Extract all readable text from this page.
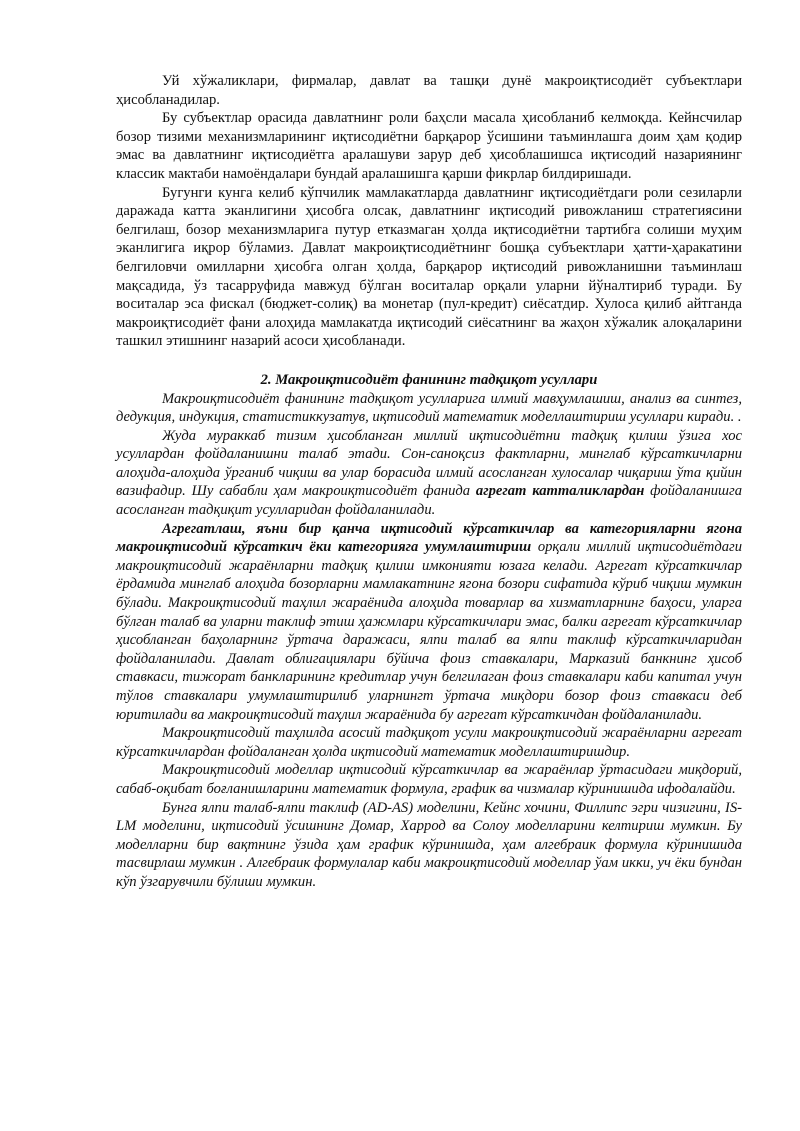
Уй хўжаликлари, фирмалар, давлат ва ташқи дунё макроиқтисодиёт субъектлари ҳисобланадилар.

Бу субъектлар орасида давлатнинг роли баҳсли масала ҳисобланиб келмоқда. Кейнсчилар бозор тизими механизмларининг иқтисодиётни барқарор ўсишини таъминлашга доим ҳам қодир эмас ва давлатнинг иқтисодиётга аралашуви зарур деб ҳисоблашишса иқтисодий назариянинг классик мактаби намоёндалари бундай аралашишга қарши фикрлар билдиришади.

Бугунги кунга келиб кўпчилик мамлакатларда давлатнинг иқтисодиётдаги роли сезиларли даражада катта эканлигини ҳисобга олсак, давлатнинг иқтисодий ривожланиш стратегиясини белгилаш, бозор механизмларига путур етказмаган ҳолда иқтисодиётни тартибга солиши муҳим эканлигига иқрор бўламиз. Давлат макроиқтисодиётнинг бошқа субъектлари ҳатти-ҳаракатини белгиловчи омилларни ҳисобга олган ҳолда, барқарор иқтисодий ривожланишни таъминлаш мақсадида, ўз тасарруфида мавжуд бўлган воситалар орқали уларни йўналтириб туради. Бу воситалар эса фискал (бюджет-солиқ) ва монетар (пул-кредит) сиёсатдир. Хулоса қилиб айтганда макроиқтисодиёт фани алоҳида мамлакатда иқтисодий сиёсатнинг ва жаҳон хўжалик алоқаларини ташкил этишнинг назарий асоси ҳисобланади.

2. Макроиқтисодиёт фанининг тадқиқот усуллари

Макроиқтисодиёт фанининг тадқиқот усулларига илмий мавҳумлашиш, анализ ва синтез, дедукция, индукция, статистиккузатув, иқтисодий математик моделлаштириш усуллари киради. .

Жуда мураккаб тизим ҳисобланган миллий иқтисодиётни тадқиқ қилиш ўзига хос усуллардан фойдаланишни талаб этади. Сон-саноқсиз фактларни, минглаб кўрсаткичларни алоҳида-алоҳида ўрганиб чиқиш ва улар борасида илмий асосланган хулосалар чиқариш ўта қийин вазифадир. Шу сабабли ҳам макроиқтисодиёт фанида агрегат катталиклардан фойдаланишга асосланган тадқиқит усулларидан фойдаланилади.

Агрегатлаш, яъни бир қанча иқтисодий кўрсаткичлар ва категорияларни ягона макроиқтисодий кўрсаткич ёки категорияга умумлаштириш орқали миллий иқтисодиётдаги макроиқтисодий жараёнларни тадқиқ қилиш имконияти юзага келади. Агрегат кўрсаткичлар ёрдамида минглаб алоҳида бозорларни мамлакатнинг ягона бозори сифатида кўриб чиқиш мумкин бўлади. Макроиқтисодий таҳлил жараёнида алоҳида товарлар ва хизматларнинг баҳоси, уларга бўлган талаб ва уларни таклиф этиш ҳажмлари кўрсаткичлари эмас, балки агрегат кўрсаткичлар ҳисобланган баҳоларнинг ўртача даражаси, ялпи талаб ва ялпи таклиф кўрсаткичларидан фойдаланилади. Давлат облигациялари бўйича фоиз ставкалари, Марказий банкнинг ҳисоб ставкаси, тижорат банкларининг кредитлар учун белгилаган фоиз ставкалари каби капитал учун тўлов ставкалари умумлаштирилиб уларнингт ўртача миқдори бозор фоиз ставкаси деб юритилади ва макроиқтисодий таҳлил жараёнида бу агрегат кўрсаткичдан фойдаланилади.

Макроиқтисодий таҳлилда асосий тадқиқот усули макроиқтисодий жараёнларни агрегат кўрсаткичлардан фойдаланган ҳолда иқтисодий математик моделлаштиришдир.

Макроиқтисодий моделлар иқтисодий кўрсаткичлар ва жараёнлар ўртасидаги миқдорий, сабаб-оқибат боғланишларини математик формула, график ва чизмалар кўринишида ифодалайди.

Бунга ялпи талаб-ялпи таклиф (AD-AS) моделини, Кейнс хочини, Филлипс эгри чизигини, IS-LM моделини, иқтисодий ўсишнинг Домар, Харрод ва Солоу моделларини келтириш мумкин. Бу моделларни бир вақтнинг ўзида ҳам график кўринишда, ҳам алгебраик формула кўринишида тасвирлаш мумкин . Алгебраик формулалар каби макроиқтисодий моделлар ўам икки, уч ёки бундан кўп ўзгарувчили бўлиши мумкин.
